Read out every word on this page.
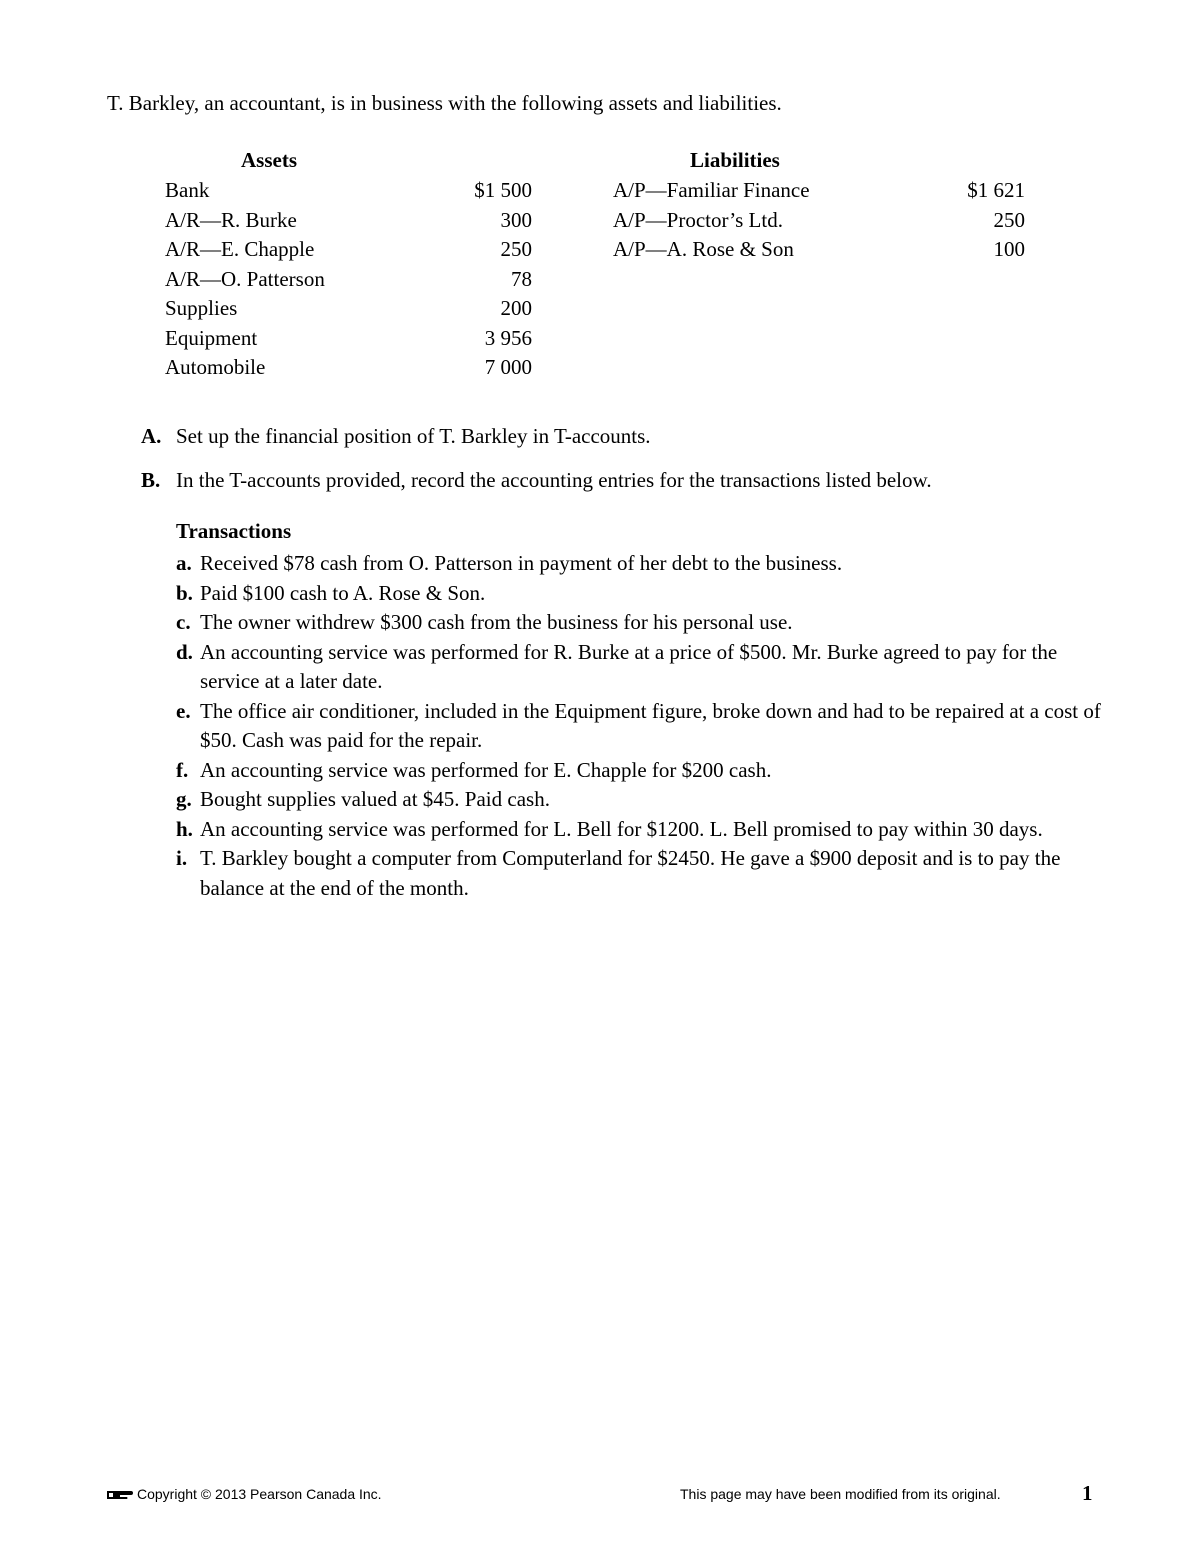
T. Barkley, an accountant, is in business with the following assets and liabilities.
Assets	Liabilities
Bank	$1 500
A/R—R. Burke	300
A/R—E. Chapple	250
A/R—O. Patterson	78
Supplies	200
Equipment	3 956
Automobile	7 000
A/P—Familiar Finance	$1 621
A/P—Proctor’s Ltd.	250
A/P—A. Rose & Son	100
A. Set up the financial position of T. Barkley in T-accounts.
B. In the T-accounts provided, record the accounting entries for the transactions listed below.
Transactions
a. Received $78 cash from O. Patterson in payment of her debt to the business.
b. Paid $100 cash to A. Rose & Son.
c. The owner withdrew $300 cash from the business for his personal use.
d. An accounting service was performed for R. Burke at a price of $500. Mr. Burke agreed to pay for the service at a later date.
e. The office air conditioner, included in the Equipment figure, broke down and had to be repaired at a cost of $50. Cash was paid for the repair.
f. An accounting service was performed for E. Chapple for $200 cash.
g. Bought supplies valued at $45. Paid cash.
h. An accounting service was performed for L. Bell for $1200. L. Bell promised to pay within 30 days.
i. T. Barkley bought a computer from Computerland for $2450. He gave a $900 deposit and is to pay the balance at the end of the month.
Copyright © 2013 Pearson Canada Inc.	This page may have been modified from its original.	1
